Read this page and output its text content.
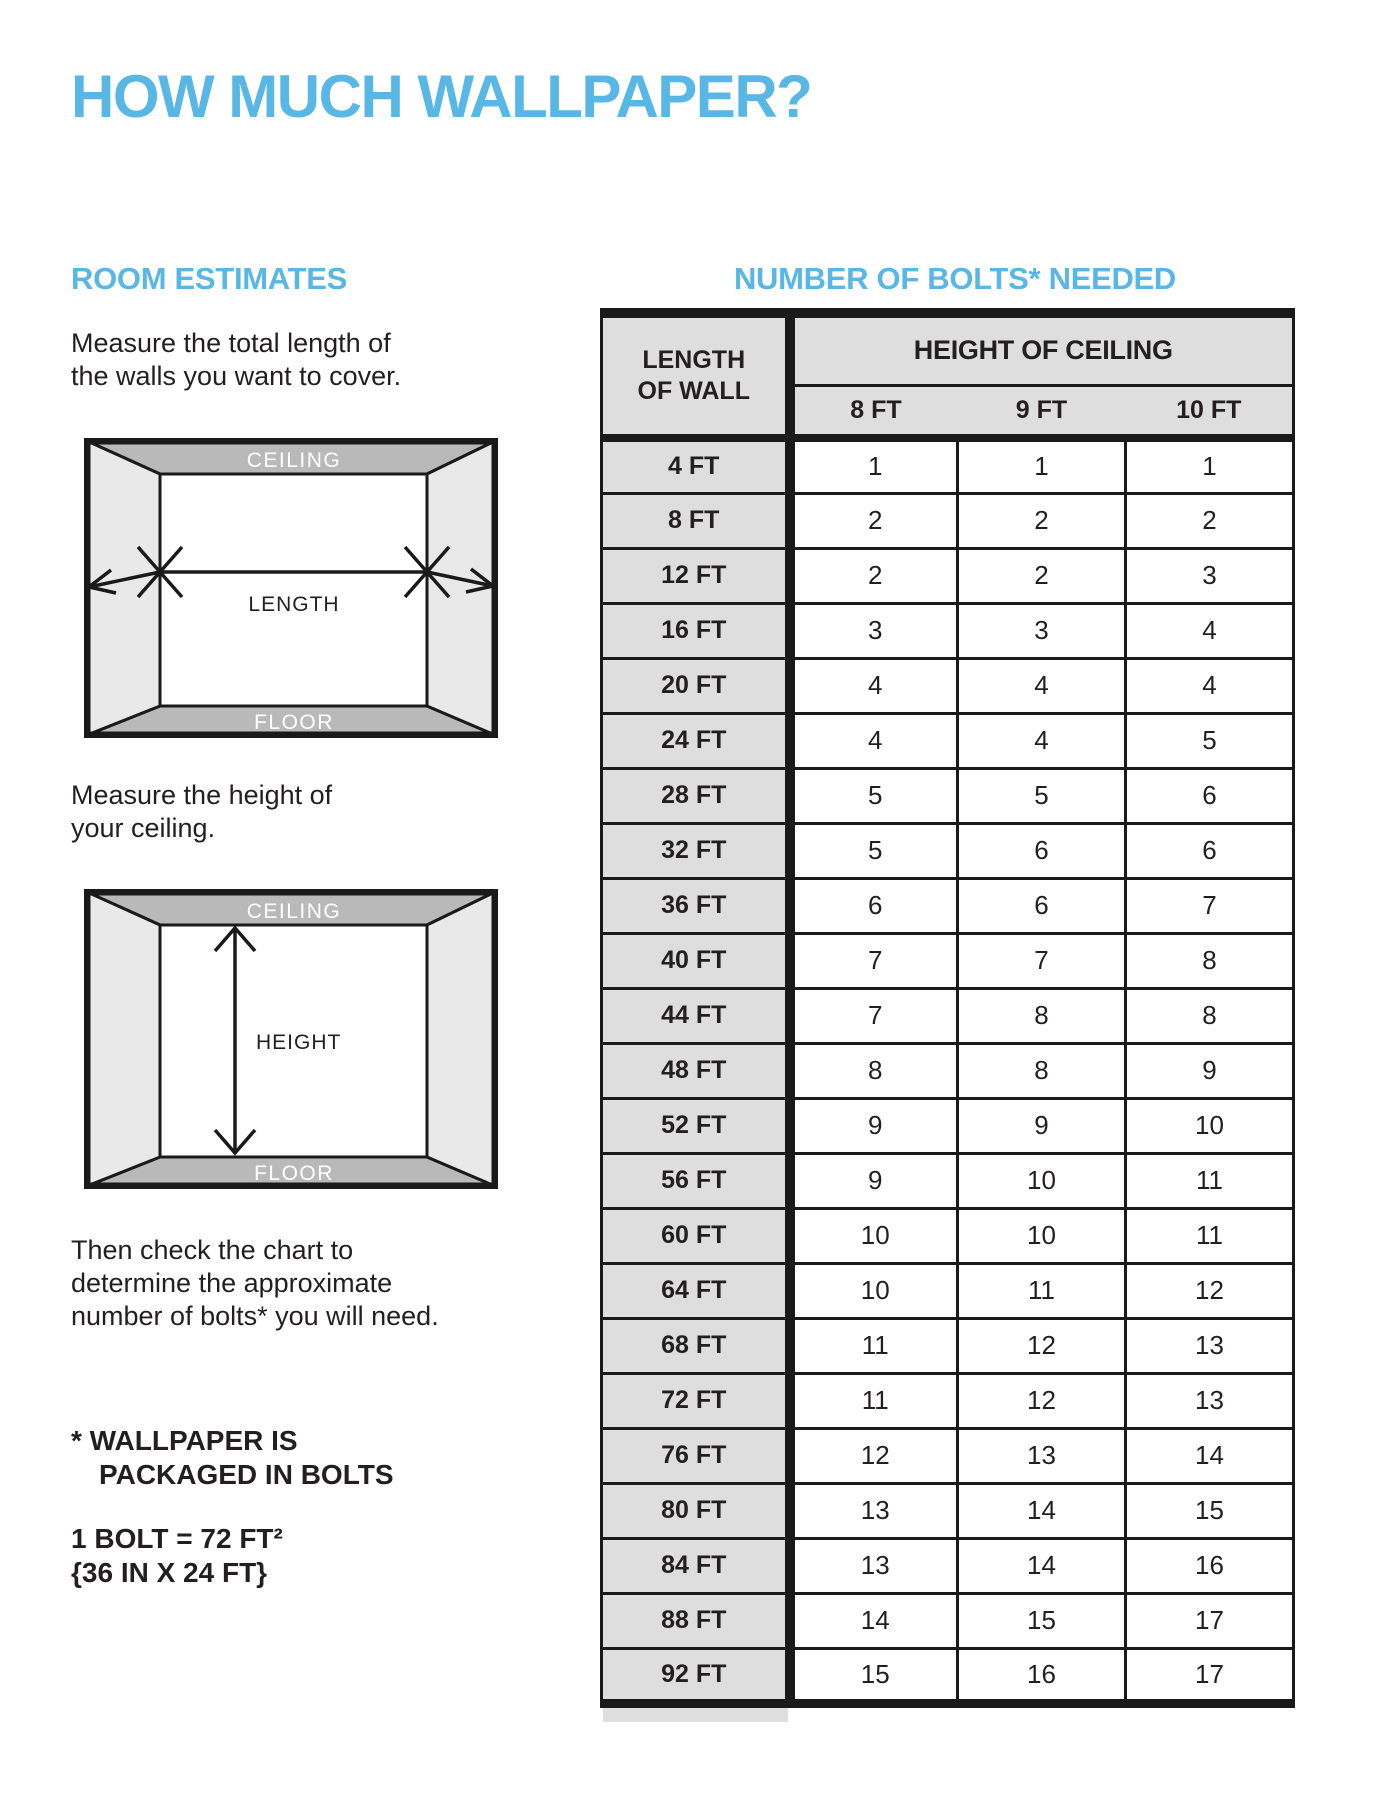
HOW MUCH WALLPAPER?
ROOM ESTIMATES	NUMBER OF BOLTS* NEEDED
Measure the total length of
the walls you want to cover.
CEILING
FLOOR
LENGTH
Measure the height of
your ceiling.
HEIGHT
CEILING
FLOOR
Then check the chart to
determine the approximate
number of bolts* you will need.
* WALLPAPER IS
PACKAGED IN BOLTS
1 BOLT = 72 FT²
{36 IN X 24 FT}
LENGTH
OF WALL	HEIGHT OF CEILING		
	8 FT	9 FT	10 FT
4 FT	1	1	1
8 FT	2	2	2
12 FT	2	2	3
16 FT	3	3	4
20 FT	4	4	4
24 FT	4	4	5
28 FT	5	5	6
32 FT	5	6	6
36 FT	6	6	7
40 FT	7	7	8
44 FT	7	8	8
48 FT	8	8	9
52 FT	9	9	10
56 FT	9	10	11
60 FT	10	10	11
64 FT	10	11	12
68 FT	11	12	13
72 FT	11	12	13
76 FT	12	13	14
80 FT	13	14	15
84 FT	13	14	16
88 FT	14	15	17
92 FT	15	16	17
